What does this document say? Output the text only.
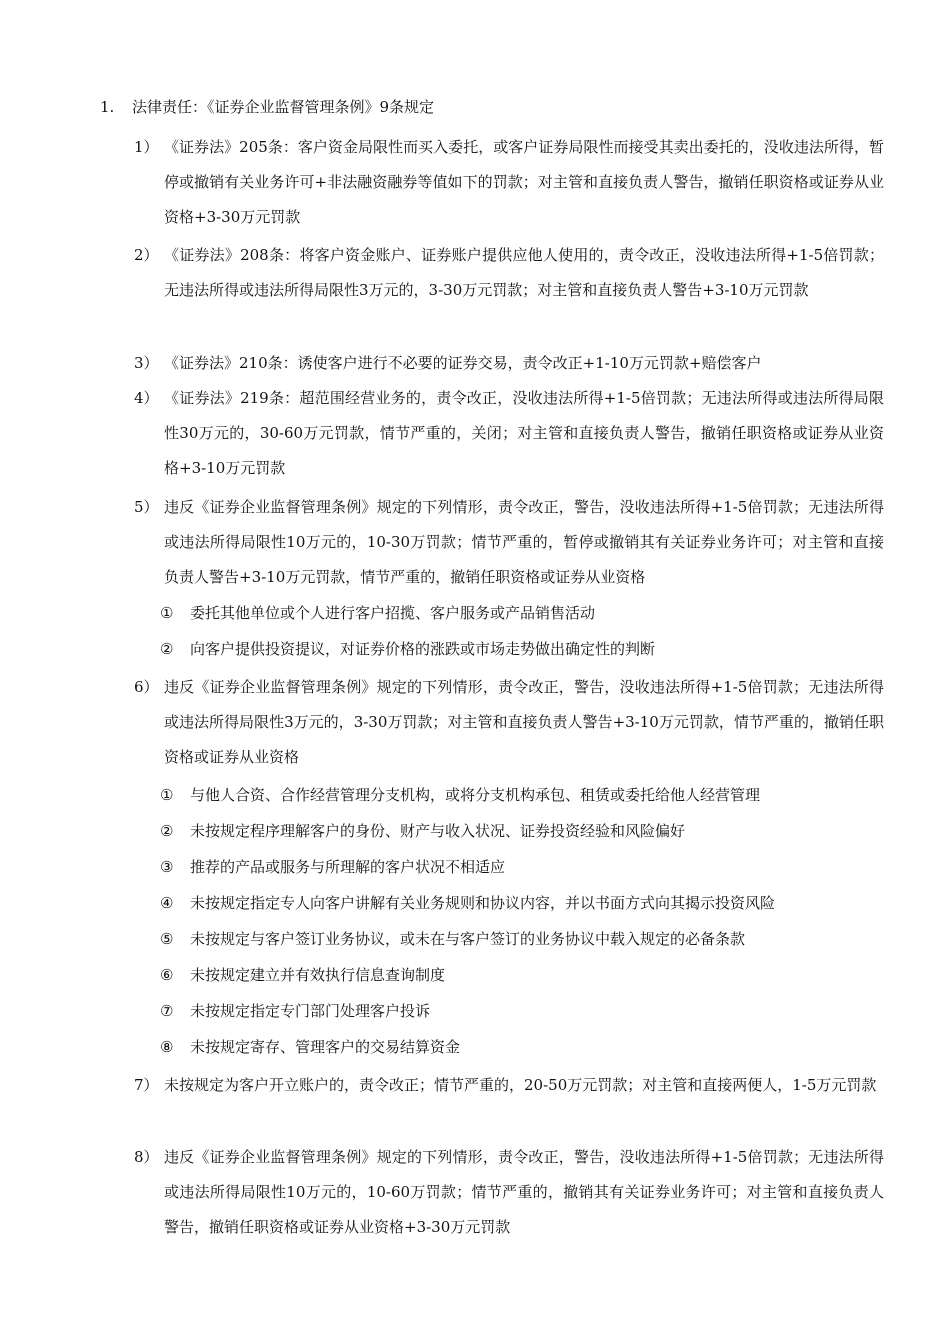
1. 法律责任：《证券企业监督管理条例》9条规定
1） 《证券法》205条：客户资金局限性而买入委托，或客户证券局限性而接受其卖出委托的，没收违法所得，暂停或撤销有关业务许可+非法融资融券等值如下的罚款；对主管和直接负责人警告，撤销任职资格或证券从业资格+3-30万元罚款
2） 《证券法》208条：将客户资金账户、证券账户提供应他人使用的，责令改正，没收违法所得+1-5倍罚款；无违法所得或违法所得局限性3万元的，3-30万元罚款；对主管和直接负责人警告+3-10万元罚款
3） 《证券法》210条：诱使客户进行不必要的证券交易，责令改正+1-10万元罚款+赔偿客户
4） 《证券法》219条：超范围经营业务的，责令改正，没收违法所得+1-5倍罚款；无违法所得或违法所得局限性30万元的，30-60万元罚款，情节严重的，关闭；对主管和直接负责人警告，撤销任职资格或证券从业资格+3-10万元罚款
5） 违反《证券企业监督管理条例》规定的下列情形，责令改正，警告，没收违法所得+1-5倍罚款；无违法所得或违法所得局限性10万元的，10-30万罚款；情节严重的，暂停或撤销其有关证券业务许可；对主管和直接负责人警告+3-10万元罚款，情节严重的，撤销任职资格或证券从业资格
① 委托其他单位或个人进行客户招揽、客户服务或产品销售活动
② 向客户提供投资提议，对证券价格的涨跌或市场走势做出确定性的判断
6） 违反《证券企业监督管理条例》规定的下列情形，责令改正，警告，没收违法所得+1-5倍罚款；无违法所得或违法所得局限性3万元的，3-30万罚款；对主管和直接负责人警告+3-10万元罚款，情节严重的，撤销任职资格或证券从业资格
① 与他人合资、合作经营管理分支机构，或将分支机构承包、租赁或委托给他人经营管理
② 未按规定程序理解客户的身份、财产与收入状况、证券投资经验和风险偏好
③ 推荐的产品或服务与所理解的客户状况不相适应
④ 未按规定指定专人向客户讲解有关业务规则和协议内容，并以书面方式向其揭示投资风险
⑤ 未按规定与客户签订业务协议，或未在与客户签订的业务协议中载入规定的必备条款
⑥ 未按规定建立并有效执行信息查询制度
⑦ 未按规定指定专门部门处理客户投诉
⑧ 未按规定寄存、管理客户的交易结算资金
7） 未按规定为客户开立账户的，责令改正；情节严重的，20-50万元罚款；对主管和直接两便人，1-5万元罚款
8） 违反《证券企业监督管理条例》规定的下列情形，责令改正，警告，没收违法所得+1-5倍罚款；无违法所得或违法所得局限性10万元的，10-60万罚款；情节严重的，撤销其有关证券业务许可；对主管和直接负责人警告，撤销任职资格或证券从业资格+3-30万元罚款
